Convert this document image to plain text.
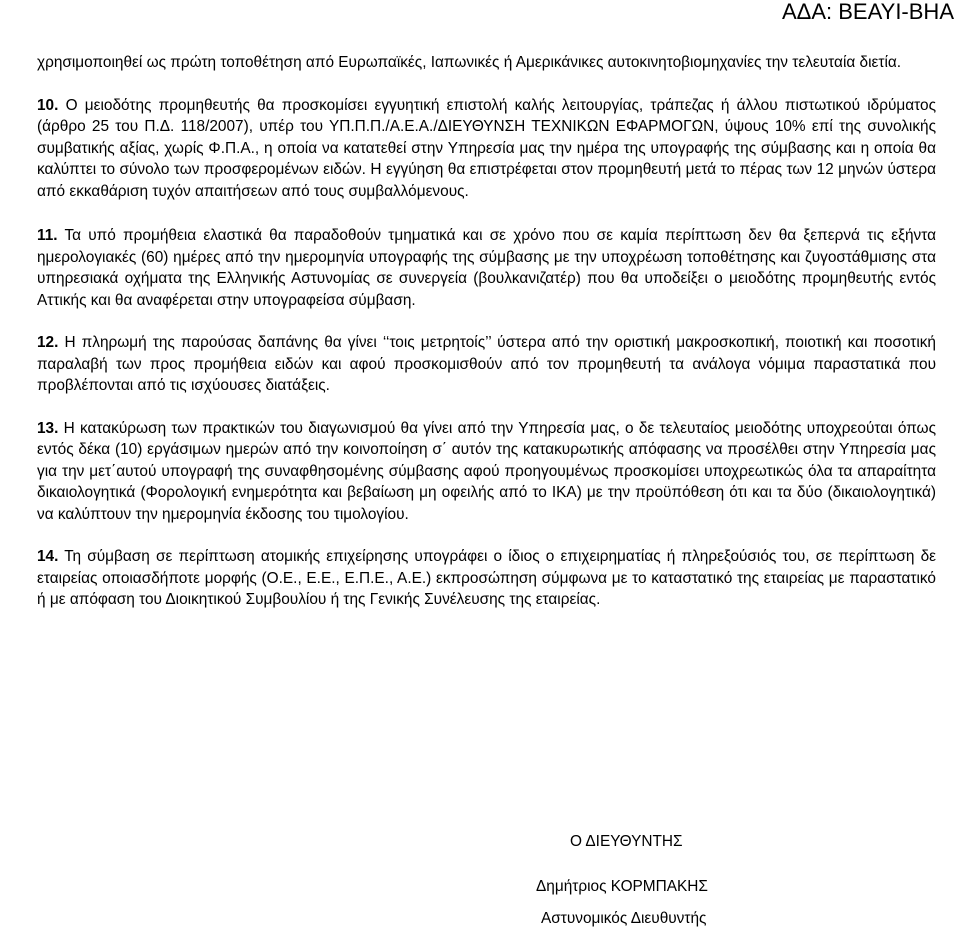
ΑΔΑ: ΒΕΑΥΙ-ΒΗΑ

χρησιμοποιηθεί ως πρώτη τοποθέτηση από Ευρωπαϊκές, Ιαπωνικές ή Αμερικάνικες αυτοκινητοβιομηχανίες την τελευταία διετία.

10. Ο μειοδότης προμηθευτής θα προσκομίσει εγγυητική επιστολή καλής λειτουργίας, τράπεζας ή άλλου πιστωτικού ιδρύματος (άρθρο 25 του Π.Δ. 118/2007), υπέρ του ΥΠ.Π.Π./Α.Ε.Α./ΔΙΕΥΘΥΝΣΗ ΤΕΧΝΙΚΩΝ ΕΦΑΡΜΟΓΩΝ, ύψους 10% επί της συνολικής συμβατικής αξίας, χωρίς Φ.Π.Α., η οποία να κατατεθεί στην Υπηρεσία μας την ημέρα της υπογραφής της σύμβασης και η οποία θα καλύπτει το σύνολο των προσφερομένων ειδών. Η εγγύηση θα επιστρέφεται στον προμηθευτή μετά το πέρας των 12 μηνών ύστερα από εκκαθάριση τυχόν απαιτήσεων από τους συμβαλλόμενους.

11. Τα υπό προμήθεια ελαστικά θα παραδοθούν τμηματικά και σε χρόνο που σε καμία περίπτωση δεν θα ξεπερνά τις εξήντα ημερολογιακές (60) ημέρες από την ημερομηνία υπογραφής της σύμβασης με την υποχρέωση τοποθέτησης και ζυγοστάθμισης στα υπηρεσιακά οχήματα της Ελληνικής Αστυνομίας σε συνεργεία (βουλκανιζατέρ) που θα υποδείξει ο μειοδότης προμηθευτής εντός Αττικής και θα αναφέρεται στην υπογραφείσα σύμβαση.

12. Η πληρωμή της παρούσας δαπάνης θα γίνει ‘‘τοις μετρητοίς’’ ύστερα από την οριστική μακροσκοπική, ποιοτική και ποσοτική παραλαβή των προς προμήθεια ειδών και αφού προσκομισθούν από τον προμηθευτή τα ανάλογα νόμιμα παραστατικά που προβλέπονται από τις ισχύουσες διατάξεις.

13. Η κατακύρωση των πρακτικών του διαγωνισμού θα γίνει από την Υπηρεσία μας, ο δε τελευταίος μειοδότης υποχρεούται όπως εντός δέκα (10) εργάσιμων ημερών από την κοινοποίηση σ΄ αυτόν της κατακυρωτικής απόφασης να προσέλθει στην Υπηρεσία μας για την μετ΄αυτού υπογραφή της συναφθησομένης σύμβασης αφού προηγουμένως προσκομίσει υποχρεωτικώς όλα τα απαραίτητα δικαιολογητικά (Φορολογική ενημερότητα και βεβαίωση μη οφειλής από το ΙΚΑ) με την προϋπόθεση ότι και τα δύο (δικαιολογητικά) να καλύπτουν την ημερομηνία έκδοσης του τιμολογίου.

14. Τη σύμβαση σε περίπτωση ατομικής επιχείρησης υπογράφει ο ίδιος ο επιχειρηματίας ή πληρεξούσιός του, σε περίπτωση δε εταιρείας οποιασδήποτε μορφής (Ο.Ε., Ε.Ε., Ε.Π.Ε., Α.Ε.) εκπροσώπηση σύμφωνα με το καταστατικό της εταιρείας με παραστατικό ή με απόφαση του Διοικητικού Συμβουλίου ή της Γενικής Συνέλευσης της εταιρείας.

Ο ΔΙΕΥΘΥΝΤΗΣ
Δημήτριος ΚΟΡΜΠΑΚΗΣ
Αστυνομικός Διευθυντής
